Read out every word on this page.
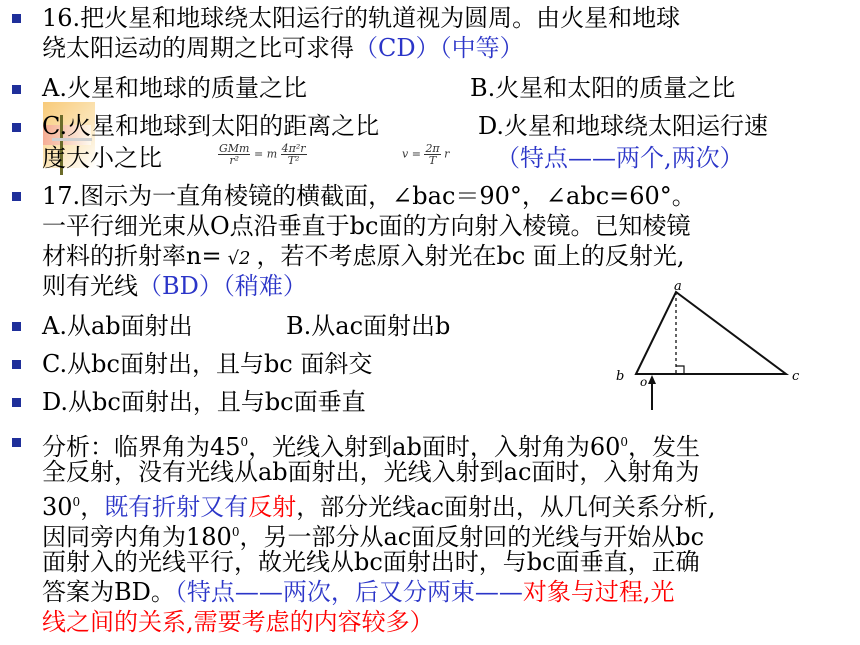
16.把火星和地球绕太阳运行的轨道视为圆周。由火星和地球
绕太阳运动的周期之比可求得（CD）（中等）
A.火星和地球的质量之比	B.火星和太阳的质量之比
C.火星和地球到太阳的距离之比	D.火星和地球绕太阳运行速
度大小之比	$\frac{\text{GMm}}{\text{r²}} = m \frac{\text{4π²r}}{\text{T²}}$	$v = \frac{2\pi}{T}$ r （特点——两个,两次）
17.图示为一直角棱镜的横截面，∠bac＝90°，∠abc=60°。
一平行细光束从O点沿垂直于bc面的方向射入棱镜。已知棱镜
材料的折射率n= √2 ，若不考虑原入射光在bc 面上的反射光,
则有光线（BD）（稍难）
A.从ab面射出	B.从ac面射出b
C.从bc面射出，且与bc 面斜交
D.从bc面射出，且与bc面垂直
a
b	c
o
分析：临界角为$45^0$，光线入射到ab面时，入射角为$60^0$，发生
全反射，没有光线从ab面射出，光线入射到ac面时，入射角为
$30^0$，既有折射又有反射，部分光线ac面射出，从几何关系分析,
因同旁内角为$180^0$，另一部分从ac面反射回的光线与开始从bc
面射入的光线平行，故光线从bc面射出时，与bc面垂直，正确
答案为BD。（特点——两次，后又分两束——对象与过程,光
线之间的关系,需要考虑的内容较多）
